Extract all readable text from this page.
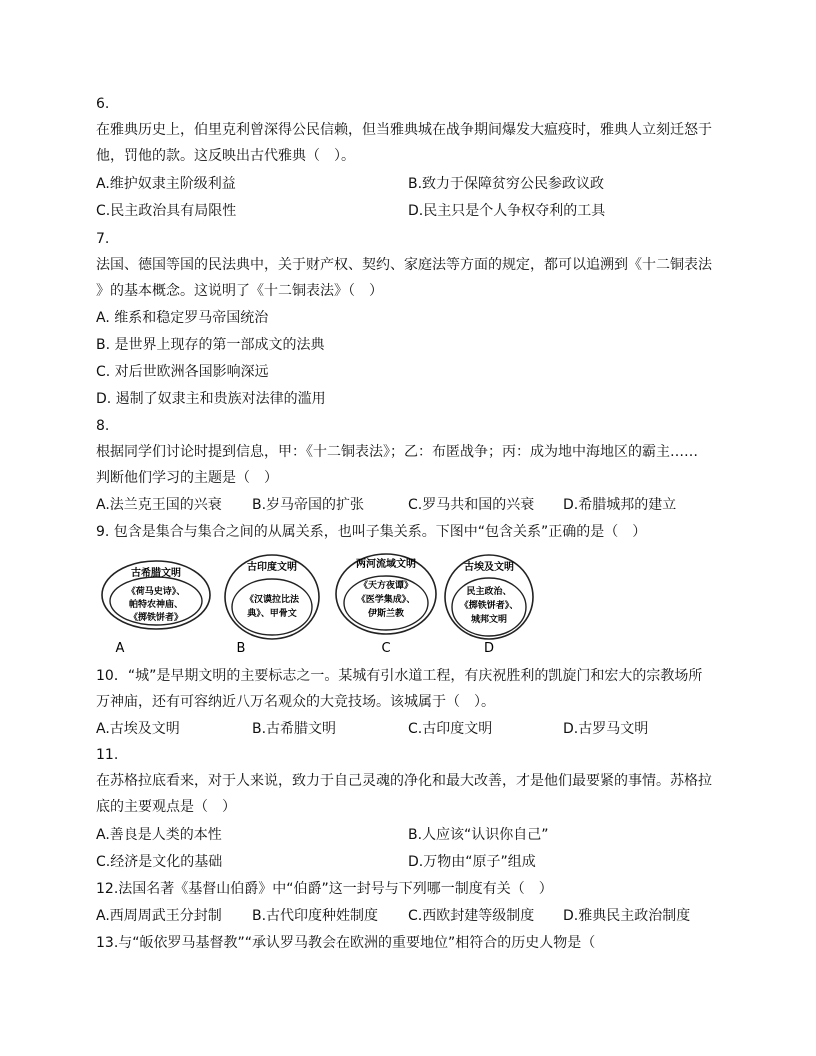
6.
在雅典历史上，伯里克利曾深得公民信赖，但当雅典城在战争期间爆发大瘟疫时，雅典人立刻迁怒于
他，罚他的款。这反映出古代雅典（　）。
A.维护奴隶主阶级利益	B.致力于保障贫穷公民参政议政
C.民主政治具有局限性	D.民主只是个人争权夺利的工具
7.
法国、德国等国的民法典中，关于财产权、契约、家庭法等方面的规定，都可以追溯到《十二铜表法
》的基本概念。这说明了《十二铜表法》（　）
A. 维系和稳定罗马帝国统治
B. 是世界上现存的第一部成文的法典
C. 对后世欧洲各国影响深远
D. 遏制了奴隶主和贵族对法律的滥用
8.
根据同学们讨论时提到信息，甲：《十二铜表法》；乙：布匿战争；丙：成为地中海地区的霸主……
判断他们学习的主题是（　）
A.法兰克王国的兴衰 B.岁马帝国的扩张	C.罗马共和国的兴衰 D.希腊城邦的建立
9. 包含是集合与集合之间的从属关系，也叫子集关系。下图中“包含关系”正确的是（　）
古希腊文明
《荷马史诗》、
帕特农神庙、
《掷铁饼者》
A
古印度文明
《汉谟拉比法
典》、甲骨文
B
两河流域文明
《天方夜谭》
《医学集成》、
伊斯兰教
C
古埃及文明
民主政治、
《掷铁饼者》、
城邦文明
D
10．“城”是早期文明的主要标志之一。某城有引水道工程，有庆祝胜利的凯旋门和宏大的宗教场所
万神庙，还有可容纳近八万名观众的大竞技场。该城属于（　）。
A.古埃及文明	B.古希腊文明	C.古印度文明	D.古罗马文明
11.
在苏格拉底看来，对于人来说，致力于自己灵魂的净化和最大改善，才是他们最要紧的事情。苏格拉
底的主要观点是（　）
A.善良是人类的本性	B.人应该“认识你自己”
C.经济是文化的基础	D.万物由“原子”组成
12.法国名著《基督山伯爵》中“伯爵”这一封号与下列哪一制度有关（　）
A.西周周武王分封制 B.古代印度种姓制度 C.西欧封建等级制度 D.雅典民主政治制度
13.与“皈依罗马基督教”“承认罗马教会在欧洲的重要地位”相符合的历史人物是（
